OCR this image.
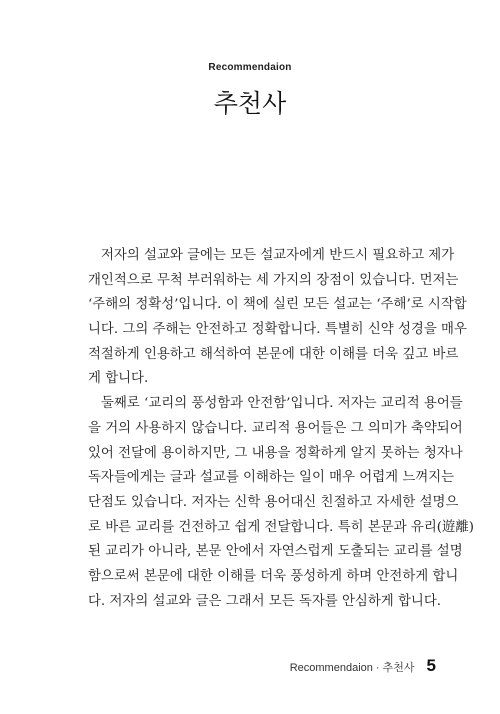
Recommendaion
추천사
저자의 설교와 글에는 모든 설교자에게 반드시 필요하고 제가
개인적으로 무척 부러워하는 세 가지의 장점이 있습니다. 먼저는
‘주해의 정확성’입니다. 이 책에 실린 모든 설교는 ‘주해’로 시작합
니다. 그의 주해는 안전하고 정확합니다. 특별히 신약 성경을 매우
적절하게 인용하고 해석하여 본문에 대한 이해를 더욱 깊고 바르
게 합니다.
둘째로 ‘교리의 풍성함과 안전함’입니다. 저자는 교리적 용어들
을 거의 사용하지 않습니다. 교리적 용어들은 그 의미가 축약되어
있어 전달에 용이하지만, 그 내용을 정확하게 알지 못하는 청자나
독자들에게는 글과 설교를 이해하는 일이 매우 어렵게 느껴지는
단점도 있습니다. 저자는 신학 용어대신 친절하고 자세한 설명으
로 바른 교리를 건전하고 쉽게 전달합니다. 특히 본문과 유리(遊離)
된 교리가 아니라, 본문 안에서 자연스럽게 도출되는 교리를 설명
함으로써 본문에 대한 이해를 더욱 풍성하게 하며 안전하게 합니
다. 저자의 설교와 글은 그래서 모든 독자를 안심하게 합니다.
Recommendaion · 추천사 5
